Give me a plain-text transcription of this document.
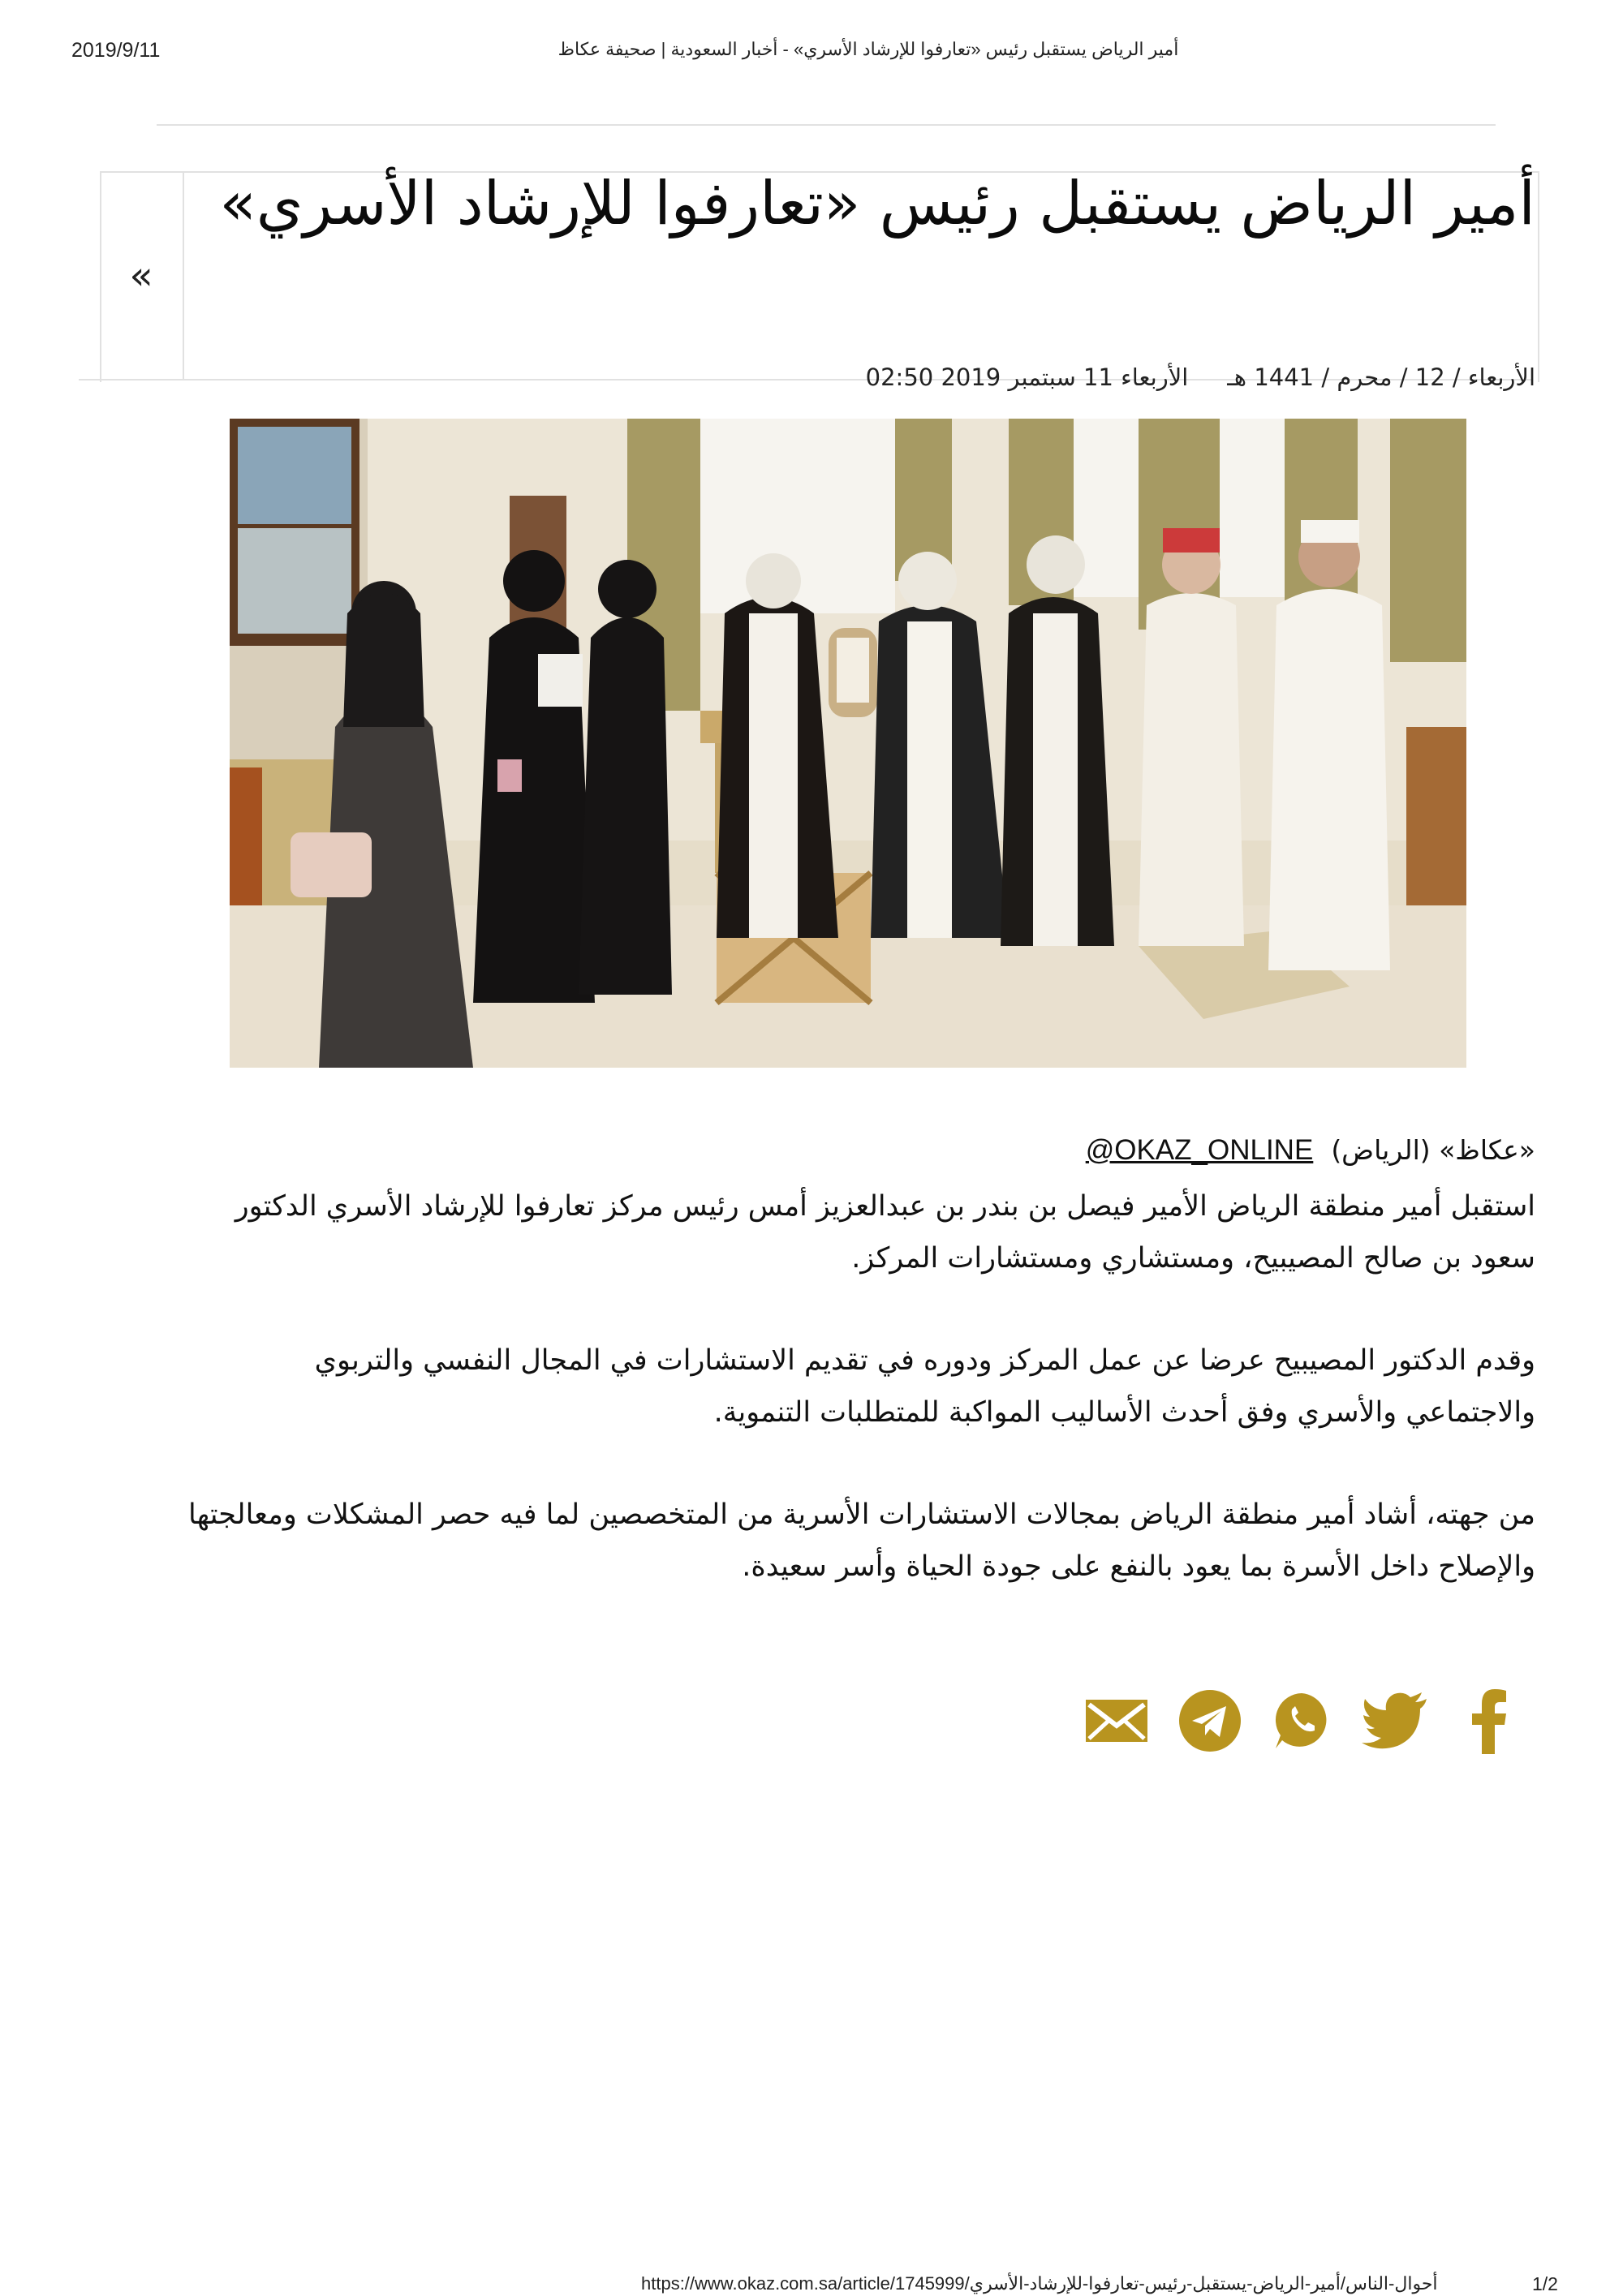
2019/9/11	أمير الرياض يستقبل رئيس «تعارفوا للإرشاد الأسري» - أخبار السعودية | صحيفة عكاظ
«
أمير الرياض يستقبل رئيس «تعارفوا للإرشاد الأسري»
الأربعاء / 12 / محرم / 1441 هـالأربعاء 11 سبتمبر 2019 02:50
«عكاظ» (الرياض)@OKAZ_ONLINE

استقبل أمير منطقة الرياض الأمير فيصل بن بندر بن عبدالعزيز أمس رئيس مركز تعارفوا للإرشاد الأسري الدكتور سعود بن صالح المصيبيح، ومستشاري ومستشارات المركز.

وقدم الدكتور المصيبيح عرضا عن عمل المركز ودوره في تقديم الاستشارات في المجال النفسي والتربوي والاجتماعي والأسري وفق أحدث الأساليب المواكبة للمتطلبات التنموية.

من جهته، أشاد أمير منطقة الرياض بمجالات الاستشارات الأسرية من المتخصصين لما فيه حصر المشكلات ومعالجتها والإصلاح داخل الأسرة بما يعود بالنفع على جودة الحياة وأسر سعيدة.

https://www.okaz.com.sa/article/1745999/أحوال-الناس/أمير-الرياض-يستقبل-رئيس-تعارفوا-للإرشاد-الأسري	1/2
